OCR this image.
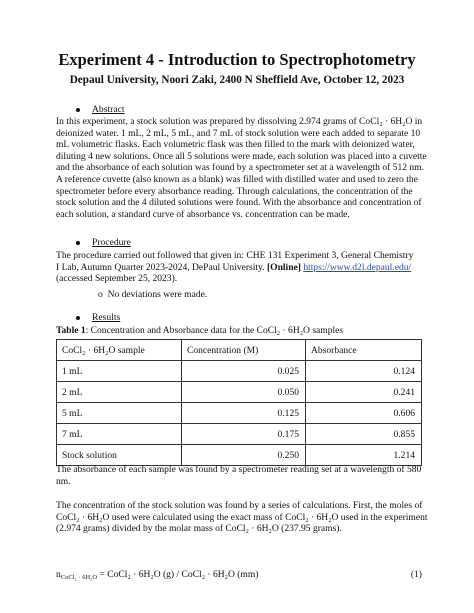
Experiment 4 - Introduction to Spectrophotometry
Depaul University, Noori Zaki, 2400 N Sheffield Ave, October 12, 2023
Abstract
In this experiment, a stock solution was prepared by dissolving 2.974 grams of CoCl₂ · 6H₂O in
deionized water. 1 mL, 2 mL, 5 mL, and 7 mL of stock solution were each added to separate 10
mL volumetric flasks. Each volumetric flask was then filled to the mark with deionized water,
diluting 4 new solutions. Once all 5 solutions were made, each solution was placed into a cuvette
and the absorbance of each solution was found by a spectrometer set at a wavelength of 512 nm.
A reference cuvette (also known as a blank) was filled with distilled water and used to zero the
spectrometer before every absorbance reading. Through calculations, the concentration of the
stock solution and the 4 diluted solutions were found. With the absorbance and concentration of
each solution, a standard curve of absorbance vs. concentration can be made.
Procedure
The procedure carried out followed that given in: CHE 131 Experiment 3, General Chemistry
I Lab, Autumn Quarter 2023-2024, DePaul University. [Online] https://www.d2l.depaul.edu/
(accessed September 25, 2023).
o No deviations were made.
Results
Table 1: Concentration and Absorbance data for the CoCl₂ · 6H₂O samples
CoCl₂ · 6H₂O sample	Concentration (M)	Absorbance
1 mL	0.025	0.124
2 mL	0.050	0.241
5 mL	0.125	0.606
7 mL	0.175	0.855
Stock solution	0.250	1.214
The absorbance of each sample was found by a spectrometer reading set at a wavelength of 580
nm.
The concentration of the stock solution was found by a series of calculations. First, the moles of
CoCl₂ · 6H₂O used were calculated using the exact mass of CoCl₂ · 6H₂O used in the experiment
(2.974 grams) divided by the molar mass of CoCl₂ · 6H₂O (237.95 grams).
$n_{CoCl_2 \cdot 6H_2O}$ = CoCl₂ · 6H₂O (g) / CoCl₂ · 6H₂O (mm)	(1)
